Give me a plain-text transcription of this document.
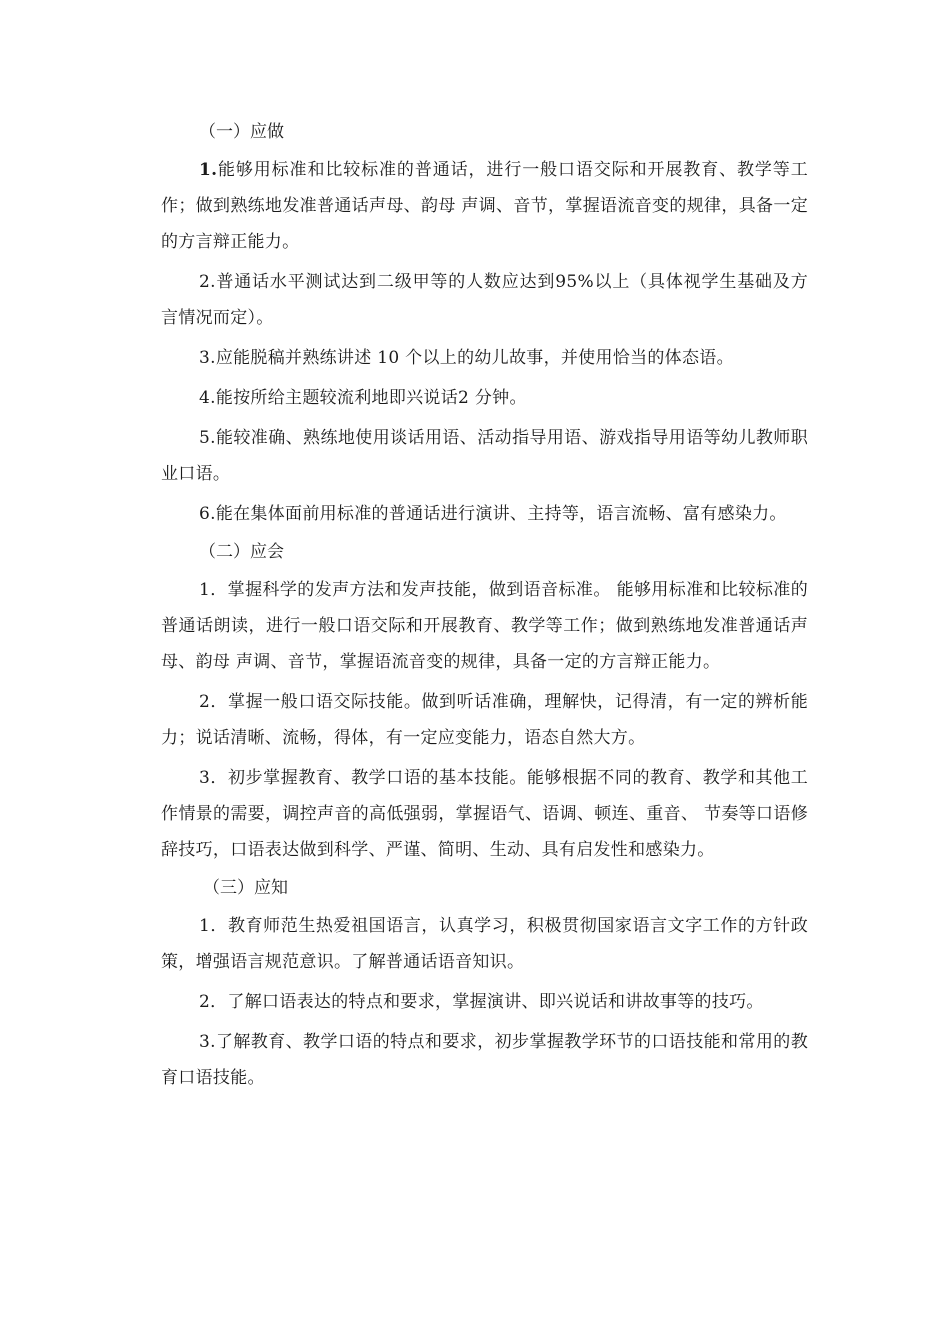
（一）应做

1.能够用标准和比较标准的普通话，进行一般口语交际和开展教育、教学等工作；做到熟练地发准普通话声母、韵母 声调、音节，掌握语流音变的规律，具备一定的方言辩正能力。

2.普通话水平测试达到二级甲等的人数应达到95%以上（具体视学生基础及方言情况而定）。

3.应能脱稿并熟练讲述 10 个以上的幼儿故事，并使用恰当的体态语。

4.能按所给主题较流利地即兴说话2 分钟。

5.能较准确、熟练地使用谈话用语、活动指导用语、游戏指导用语等幼儿教师职业口语。

6.能在集体面前用标准的普通话进行演讲、主持等，语言流畅、富有感染力。

（二）应会

1．掌握科学的发声方法和发声技能，做到语音标准。 能够用标准和比较标准的普通话朗读，进行一般口语交际和开展教育、教学等工作；做到熟练地发准普通话声母、韵母 声调、音节，掌握语流音变的规律，具备一定的方言辩正能力。

2．掌握一般口语交际技能。做到听话准确，理解快，记得清，有一定的辨析能力；说话清晰、流畅，得体，有一定应变能力，语态自然大方。

3．初步掌握教育、教学口语的基本技能。能够根据不同的教育、教学和其他工作情景的需要，调控声音的高低强弱，掌握语气、语调、顿连、重音、 节奏等口语修辞技巧，口语表达做到科学、严谨、简明、生动、具有启发性和感染力。

（三）应知

1．教育师范生热爱祖国语言，认真学习，积极贯彻国家语言文字工作的方针政策，增强语言规范意识。了解普通话语音知识。

2．了解口语表达的特点和要求，掌握演讲、即兴说话和讲故事等的技巧。

3.了解教育、教学口语的特点和要求，初步掌握教学环节的口语技能和常用的教育口语技能。
